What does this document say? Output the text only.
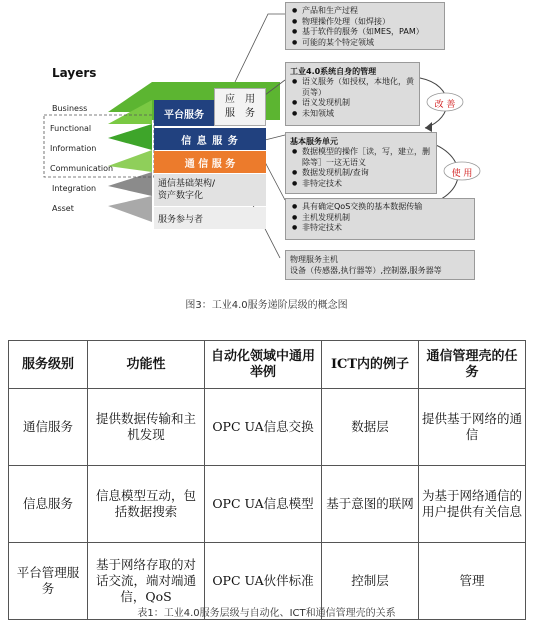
Layers
Business
Functional
Information
Communication
Integration
Asset
● 产品和生产过程
● 物理操作处理（如焊接）
● 基于软件的服务（如MES，PAM）
● 可能的某个特定领域
工业4.0系统自身的管理
● 语义服务（如授权，本地化，黄页等）
● 语义发现机制
● 未知领域
基本服务单元
● 数据模型的操作［读，写，建立，删除等］一这无语义
● 数据发现机制/查询
● 非特定技术
● 具有确定QoS交换的基本数据传输
● 主机发现机制
● 非特定技术
物理服务主机
设备（传感器,执行器等）,控制器,服务器等
平台服务
应　用
服　务
信 息 服 务
通 信 服 务
通信基础架构/
资产数字化
服务参与者
改 善
使 用
图3：工业4.0服务递阶层级的概念图
服务级别	功能性	自动化领域中通用举例	ICT内的例子	通信管理壳的任务
通信服务	提供数据传输和主机发现	OPC UA信息交换	数据层	提供基于网络的通信
信息服务	信息模型互动，包括数据搜索	OPC UA信息模型	基于意图的联网	为基于网络通信的用户提供有关信息
平台管理服务	基于网络存取的对话交流，端对端通信，QoS	OPC UA伙伴标准	控制层	管理
表1：工业4.0服务层级与自动化、ICT和通信管理壳的关系
